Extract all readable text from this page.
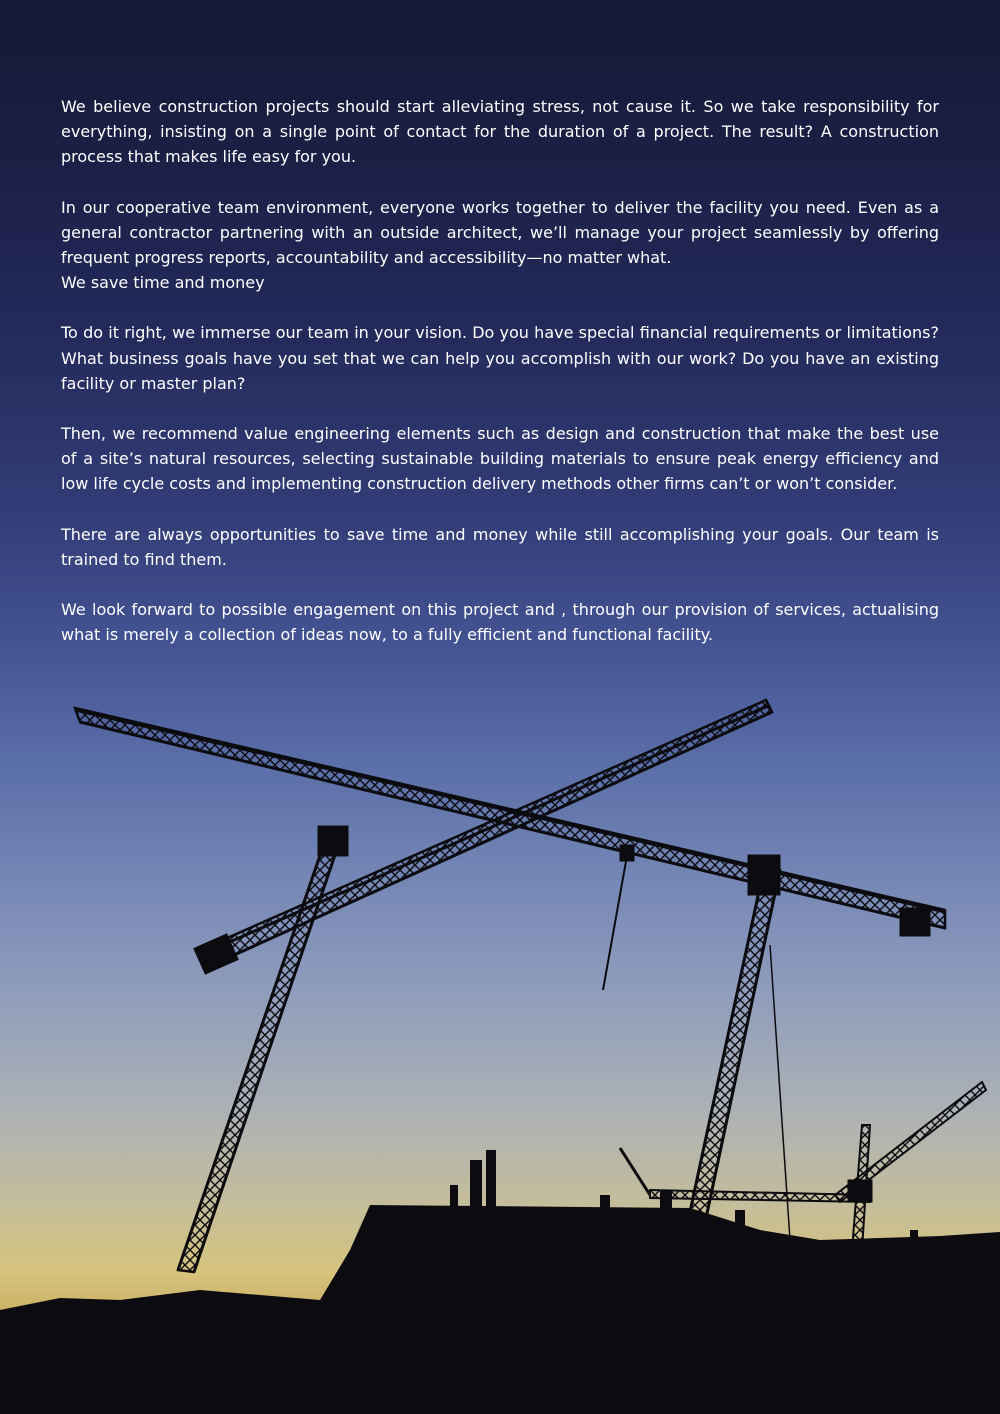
We believe construction projects should start alleviating stress, not cause it. So we take responsibility for everything, insisting on a single point of contact for the duration of a project. The result? A construction process that makes life easy for you.

In our cooperative team environment, everyone works together to deliver the facility you need. Even as a general contractor partnering with an outside architect, we’ll manage your project seamlessly by offering frequent progress reports, accountability and accessibility—no matter what.

We save time and money

To do it right, we immerse our team in your vision. Do you have special financial requirements or limitations? What business goals have you set that we can help you accomplish with our work? Do you have an existing facility or master plan?

Then, we recommend value engineering elements such as design and construction that make the best use of a site’s natural resources, selecting sustainable building materials to ensure peak energy efficiency and low life cycle costs and implementing construction delivery methods other firms can’t or won’t consider.

There are always opportunities to save time and money while still accomplishing your goals. Our team is trained to find them.

We look forward to possible engagement on this project and , through our provision of services, actualising what is merely a collection of ideas now, to a fully efficient and functional facility.
